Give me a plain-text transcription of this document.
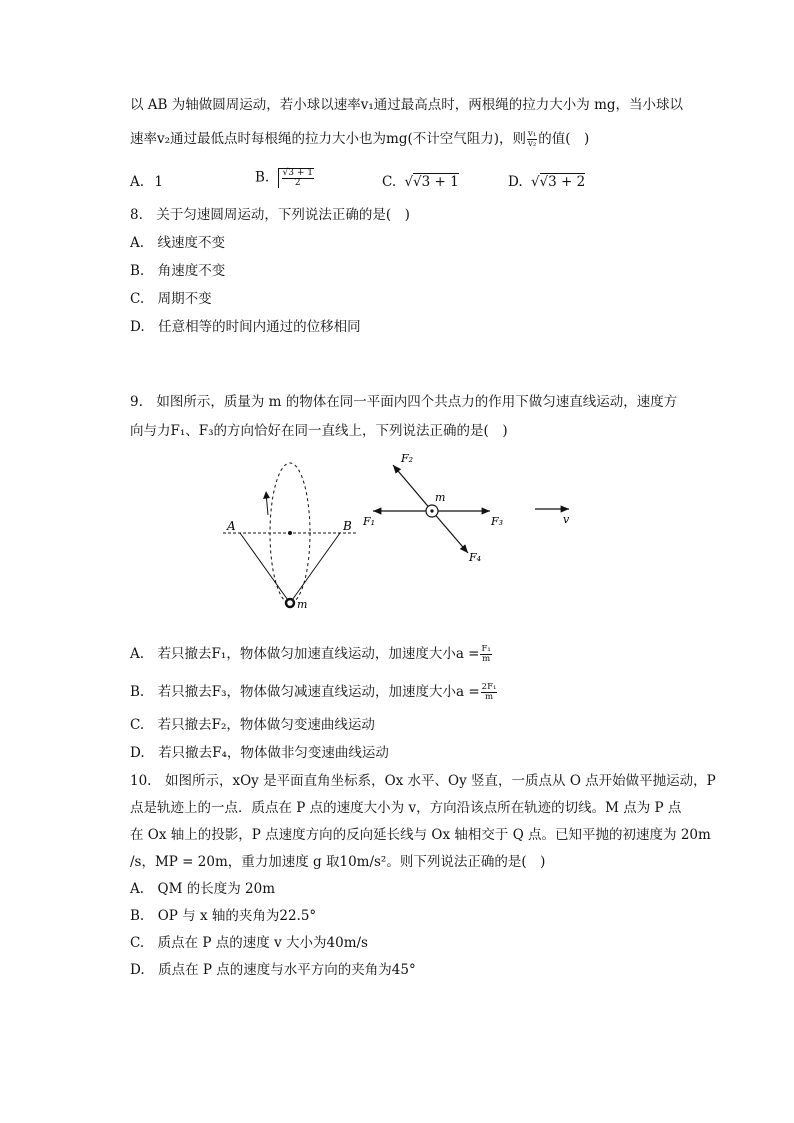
以 AB 为轴做圆周运动，若小球以速率v₁通过最高点时，两根绳的拉力大小为 mg，当小球以
速率v₂通过最低点时每根绳的拉力大小也为mg(不计空气阻力)，则 $\frac{\text{v₁}}{\text{v₂}}$ 的值(　)
A. 1	B. $\frac{√3 + 1}{2}$	C. √√3 + 1	D. √√3 + 2
8.　关于匀速圆周运动，下列说法正确的是(　)
A.　线速度不变
B.　角速度不变
C.　周期不变
D.　任意相等的时间内通过的位移相同
9.　如图所示，质量为 m 的物体在同一平面内四个共点力的作用下做匀速直线运动，速度方
向与力F₁、F₃的方向恰好在同一直线上，下列说法正确的是(　)
A	B
m
F₁
F₂
F₃
F₄
m
v
A.　若只撤去F₁，物体做匀加速直线运动，加速度大小$a = \frac{\text{F₁}}{m}$
B.　若只撤去F₃，物体做匀减速直线运动，加速度大小$a = \frac{\text{2F₁}}{m}$
C.　若只撤去F₂，物体做匀变速曲线运动
D.　若只撤去F₄，物体做非匀变速曲线运动
10.　如图所示，xOy 是平面直角坐标系，Ox 水平、Oy 竖直，一质点从 O 点开始做平抛运动，P
点是轨迹上的一点．质点在 P 点的速度大小为 v，方向沿该点所在轨迹的切线。M 点为 P 点
在 Ox 轴上的投影，P 点速度方向的反向延长线与 Ox 轴相交于 Q 点。已知平抛的初速度为 20m
/s，MP = 20m，重力加速度 g 取10m/s²。则下列说法正确的是(　)
A.　QM 的长度为 20m
B.　OP 与 x 轴的夹角为22.5°
C.　质点在 P 点的速度 v 大小为40m/s
D.　质点在 P 点的速度与水平方向的夹角为45°
